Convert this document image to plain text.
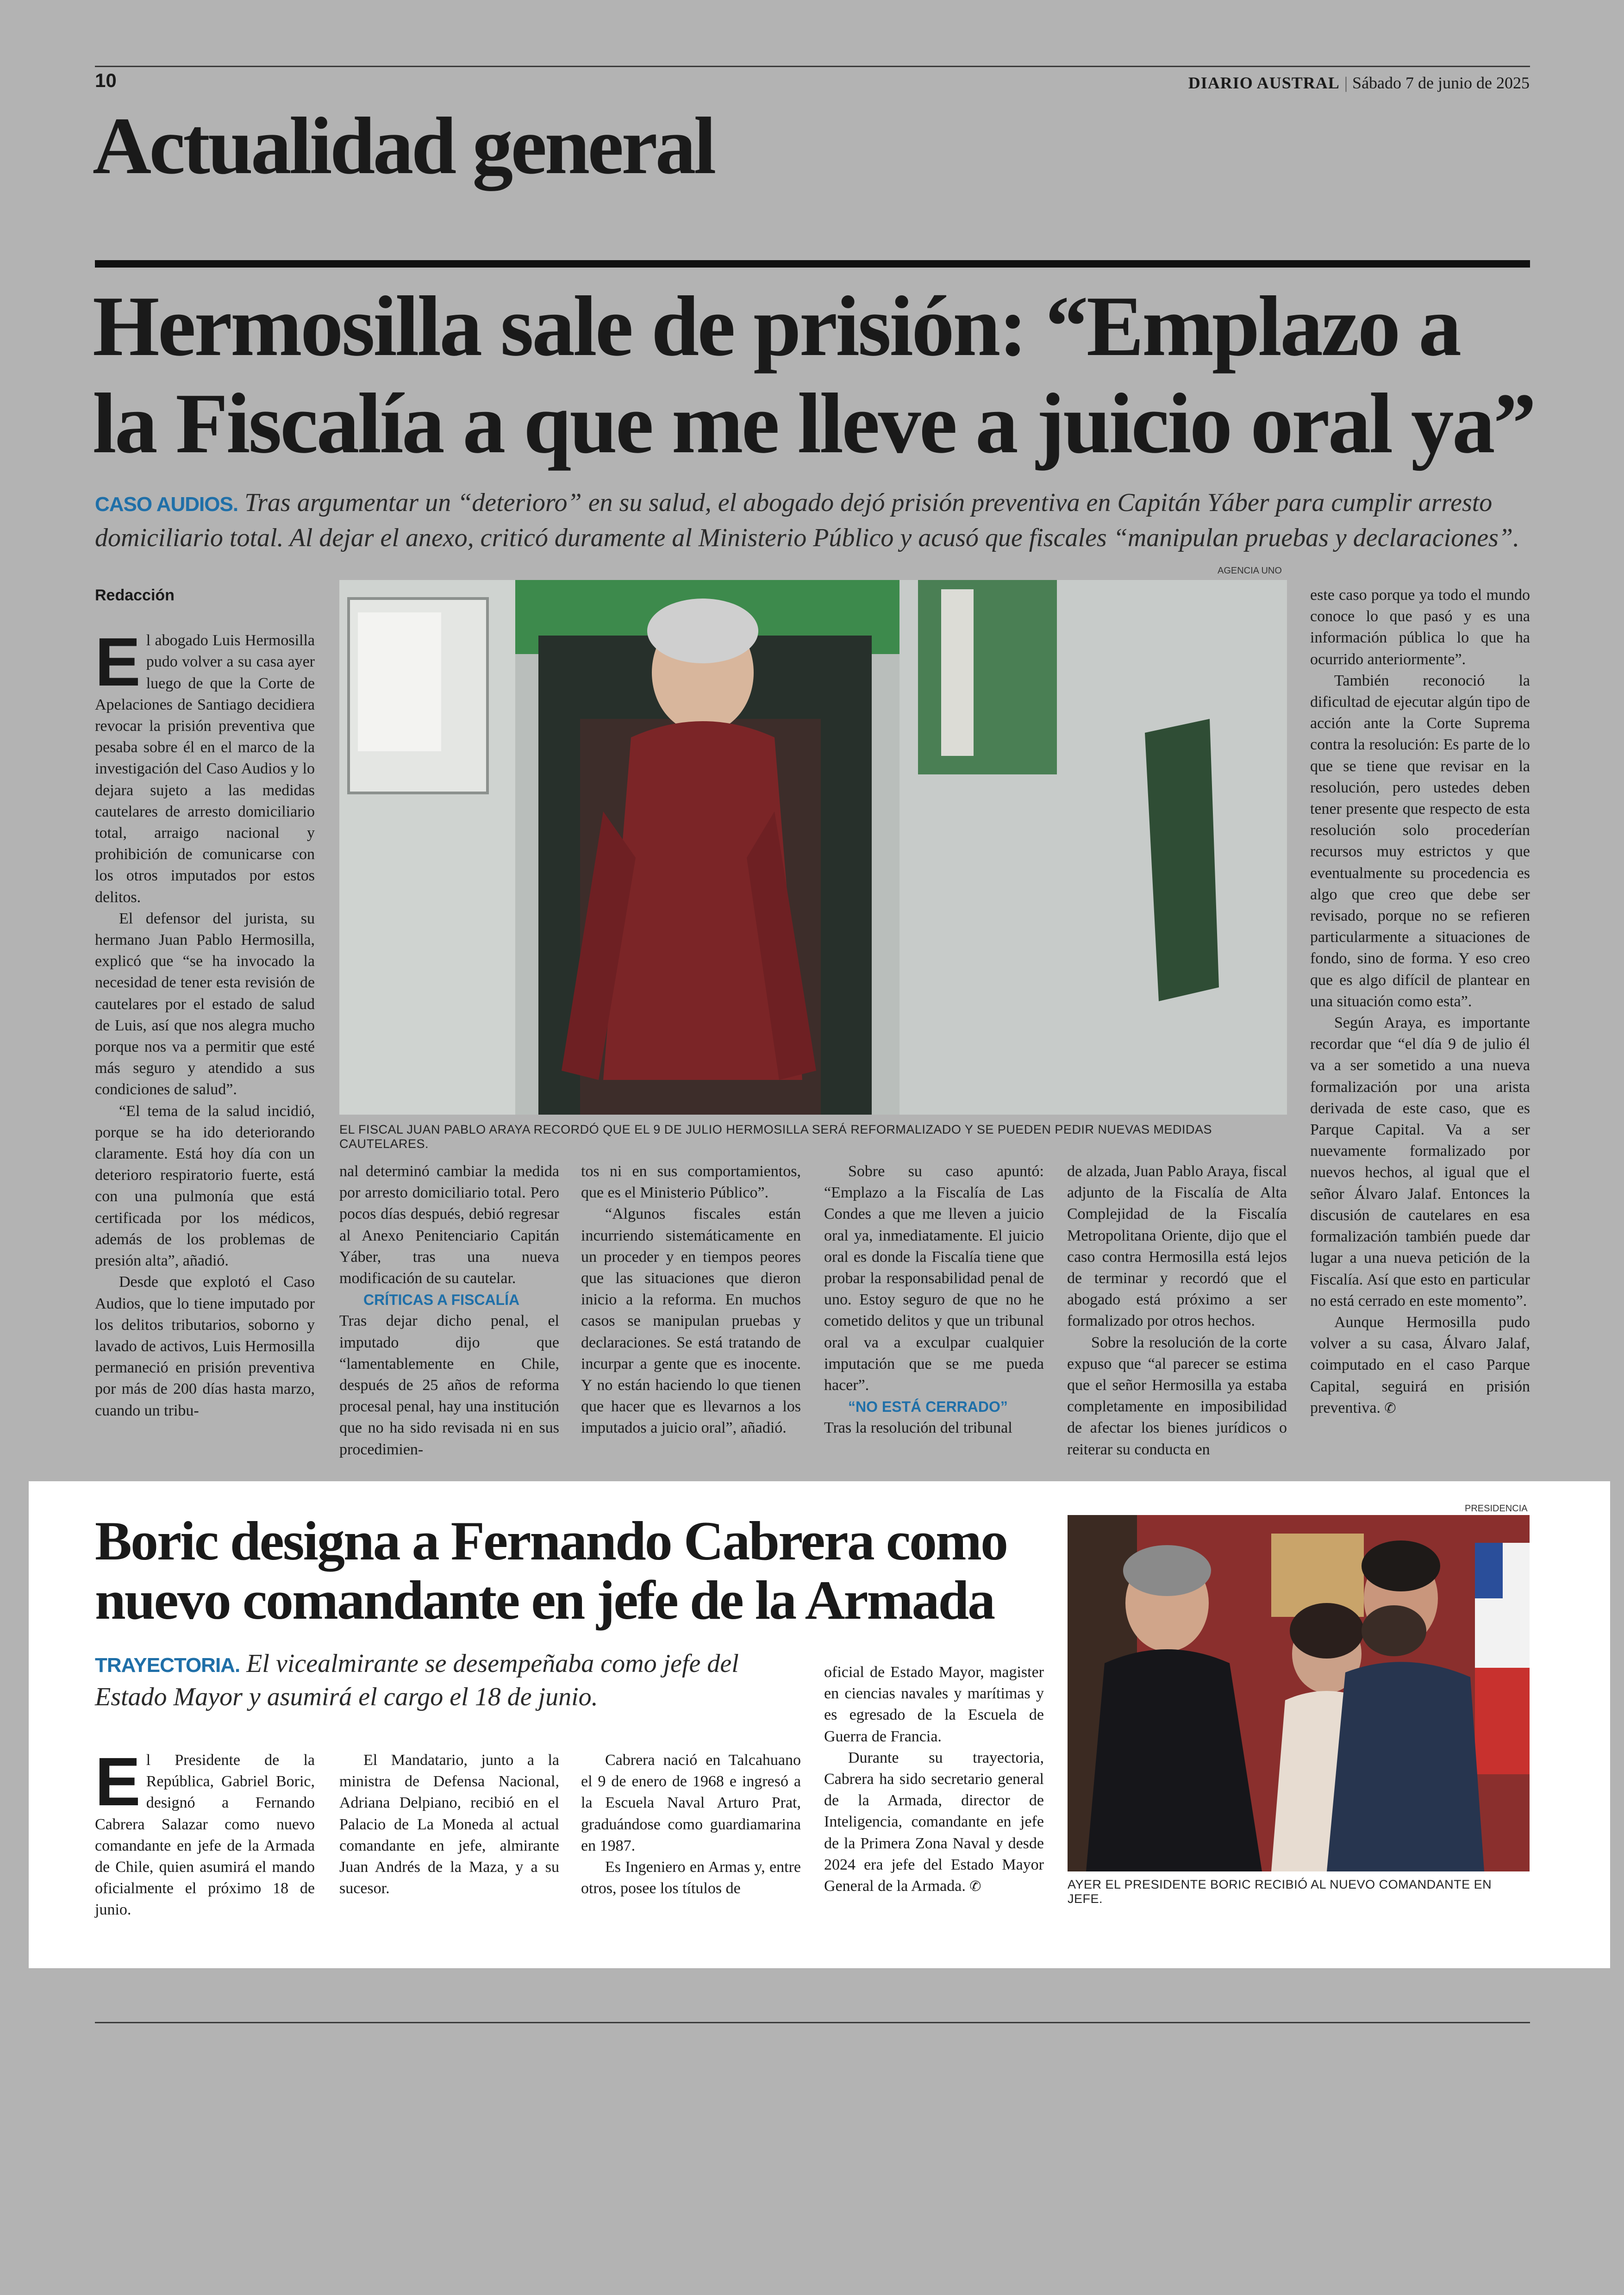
10	DIARIO AUSTRAL | Sábado 7 de junio de 2025
Actualidad general
Hermosilla sale de prisión: “Emplazo a la Fiscalía a que me lleve a juicio oral ya”
CASO AUDIOS. Tras argumentar un “deterioro” en su salud, el abogado dejó prisión preventiva en Capitán Yáber para cumplir arresto domiciliario total. Al dejar el anexo, criticó duramente al Ministerio Público y acusó que fiscales “manipulan pruebas y declaraciones”.
AGENCIA UNO
Redacción

El abogado Luis Hermosilla pudo volver a su casa ayer luego de que la Corte de Apelaciones de Santiago decidiera revocar la prisión preventiva que pesaba sobre él en el marco de la investigación del Caso Audios y lo dejara sujeto a las medidas cautelares de arresto domiciliario total, arraigo nacional y prohibición de comunicarse con los otros imputados por estos delitos.

El defensor del jurista, su hermano Juan Pablo Hermosilla, explicó que “se ha invocado la necesidad de tener esta revisión de cautelares por el estado de salud de Luis, así que nos alegra mucho porque nos va a permitir que esté más seguro y atendido a sus condiciones de salud”.

“El tema de la salud incidió, porque se ha ido deteriorando claramente. Está hoy día con un deterioro respiratorio fuerte, está con una pulmonía que está certificada por los médicos, además de los problemas de presión alta”, añadió.

Desde que explotó el Caso Audios, que lo tiene imputado por los delitos tributarios, soborno y lavado de activos, Luis Hermosilla permaneció en prisión preventiva por más de 200 días hasta marzo, cuando un tribu-

EL FISCAL JUAN PABLO ARAYA RECORDÓ QUE EL 9 DE JULIO HERMOSILLA SERÁ REFORMALIZADO Y SE PUEDEN PEDIR NUEVAS MEDIDAS CAUTELARES.

nal determinó cambiar la medida por arresto domiciliario total. Pero pocos días después, debió regresar al Anexo Penitenciario Capitán Yáber, tras una nueva modificación de su cautelar.

CRÍTICAS A FISCALÍA

Tras dejar dicho penal, el imputado dijo que “lamentablemente en Chile, después de 25 años de reforma procesal penal, hay una institución que no ha sido revisada ni en sus procedimien-

tos ni en sus comportamientos, que es el Ministerio Público”.

“Algunos fiscales están incurriendo sistemáticamente en un proceder y en tiempos peores que las situaciones que dieron inicio a la reforma. En muchos casos se manipulan pruebas y declaraciones. Se está tratando de incurpar a gente que es inocente. Y no están haciendo lo que tienen que hacer que es llevarnos a los imputados a juicio oral”, añadió.

Sobre su caso apuntó: “Emplazo a la Fiscalía de Las Condes a que me lleven a juicio oral ya, inmediatamente. El juicio oral es donde la Fiscalía tiene que probar la responsabilidad penal de uno. Estoy seguro de que no he cometido delitos y que un tribunal oral va a exculpar cualquier imputación que se me pueda hacer”.

“NO ESTÁ CERRADO”

Tras la resolución del tribunal

de alzada, Juan Pablo Araya, fiscal adjunto de la Fiscalía de Alta Complejidad de la Fiscalía Metropolitana Oriente, dijo que el caso contra Hermosilla está lejos de terminar y recordó que el abogado está próximo a ser formalizado por otros hechos.

Sobre la resolución de la corte expuso que “al parecer se estima que el señor Hermosilla ya estaba completamente en imposibilidad de afectar los bienes jurídicos o reiterar su conducta en

este caso porque ya todo el mundo conoce lo que pasó y es una información pública lo que ha ocurrido anteriormente”.

También reconoció la dificultad de ejecutar algún tipo de acción ante la Corte Suprema contra la resolución: Es parte de lo que se tiene que revisar en la resolución, pero ustedes deben tener presente que respecto de esta resolución solo procederían recursos muy estrictos y que eventualmente su procedencia es algo que creo que debe ser revisado, porque no se refieren particularmente a situaciones de fondo, sino de forma. Y eso creo que es algo difícil de plantear en una situación como esta”.

Según Araya, es importante recordar que “el día 9 de julio él va a ser sometido a una nueva formalización por una arista derivada de este caso, que es Parque Capital. Va a ser nuevamente formalizado por nuevos hechos, al igual que el señor Álvaro Jalaf. Entonces la discusión de cautelares en esa formalización también puede dar lugar a una nueva petición de la Fiscalía. Así que esto en particular no está cerrado en este momento”.

Aunque Hermosilla pudo volver a su casa, Álvaro Jalaf, coimputado en el caso Parque Capital, seguirá en prisión preventiva. ✆

Boric designa a Fernando Cabrera como nuevo comandante en jefe de la Armada
TRAYECTORIA. El vicealmirante se desempeñaba como jefe del Estado Mayor y asumirá el cargo el 18 de junio.

El Presidente de la República, Gabriel Boric, designó a Fernando Cabrera Salazar como nuevo comandante en jefe de la Armada de Chile, quien asumirá el mando oficialmente el próximo 18 de junio.

El Mandatario, junto a la ministra de Defensa Nacional, Adriana Delpiano, recibió en el Palacio de La Moneda al actual comandante en jefe, almirante Juan Andrés de la Maza, y a su sucesor.

Cabrera nació en Talcahuano el 9 de enero de 1968 e ingresó a la Escuela Naval Arturo Prat, graduándose como guardiamarina en 1987.

Es Ingeniero en Armas y, entre otros, posee los títulos de

oficial de Estado Mayor, magister en ciencias navales y marítimas y es egresado de la Escuela de Guerra de Francia.

Durante su trayectoria, Cabrera ha sido secretario general de la Armada, director de Inteligencia, comandante en jefe de la Primera Zona Naval y desde 2024 era jefe del Estado Mayor General de la Armada. ✆

PRESIDENCIA
AYER EL PRESIDENTE BORIC RECIBIÓ AL NUEVO COMANDANTE EN JEFE.
